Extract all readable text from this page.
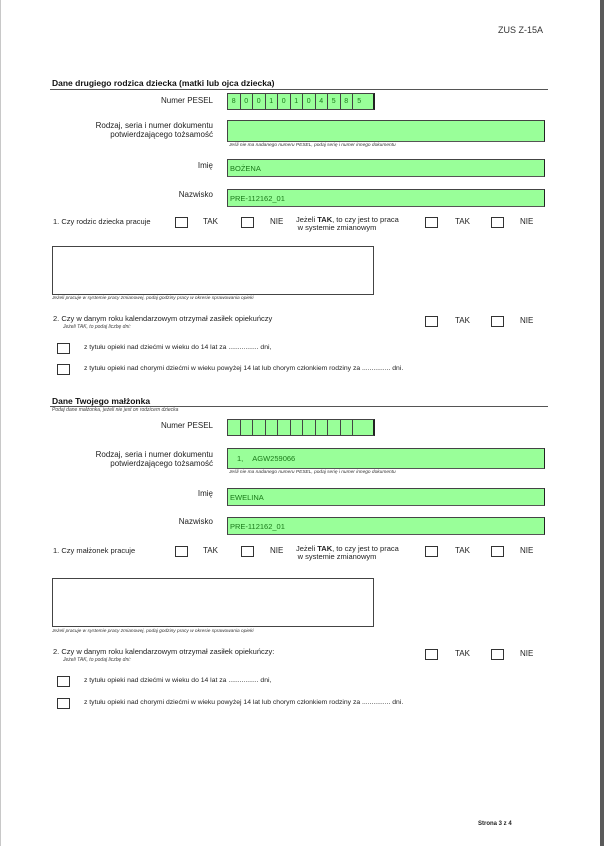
ZUS Z-15A
Dane drugiego rodzica dziecka (matki lub ojca dziecka)
Numer PESEL	8	0	0	1	0	1	0	4	5	8	5
Rodzaj, seria i numer dokumentu
potwierdzającego tożsamość
Jeśli nie ma nadanego numeru PESEL, podaj serię i numer innego dokumentu
Imię	BOŻENA
Nazwisko	PRE-112162_01
1. Czy rodzic dziecka pracuje	TAK	NIE Jeżeli TAK, to czy jest to praca
w systemie zmianowym
TAK	NIE
Jeżeli pracuje w systemie pracy zmianowej, podaj godziny pracy w okresie sprawowania opieki
2. Czy w danym roku kalendarzowym otrzymał zasiłek opiekuńczy
Jeżeli TAK, to podaj liczbę dni:
TAK	NIE
z tytułu opieki nad dziećmi w wieku do 14 lat za ................ dni,
z tytułu opieki nad chorymi dziećmi w wieku powyżej 14 lat lub chorym członkiem rodziny za ............... dni.
Dane Twojego małżonka
Podaj dane małżonka, jeżeli nie jest on rodzicem dziecka
Numer PESEL
Rodzaj, seria i numer dokumentu
potwierdzającego tożsamość
1, AGW259066
Jeśli nie ma nadanego numeru PESEL, podaj serię i numer innego dokumentu
Imię	EWELINA
Nazwisko	PRE-112162_01
1. Czy małżonek pracuje	TAK	NIE Jeżeli TAK, to czy jest to praca
w systemie zmianowym
TAK	NIE
Jeżeli pracuje w systemie pracy zmianowej, podaj godziny pracy w okresie sprawowania opieki
2. Czy w danym roku kalendarzowym otrzymał zasiłek opiekuńczy:
Jeżeli TAK, to podaj liczbę dni:
TAK	NIE
z tytułu opieki nad dziećmi w wieku do 14 lat za ................ dni,
z tytułu opieki nad chorymi dziećmi w wieku powyżej 14 lat lub chorym członkiem rodziny za ............... dni.
Strona 3 z 4
